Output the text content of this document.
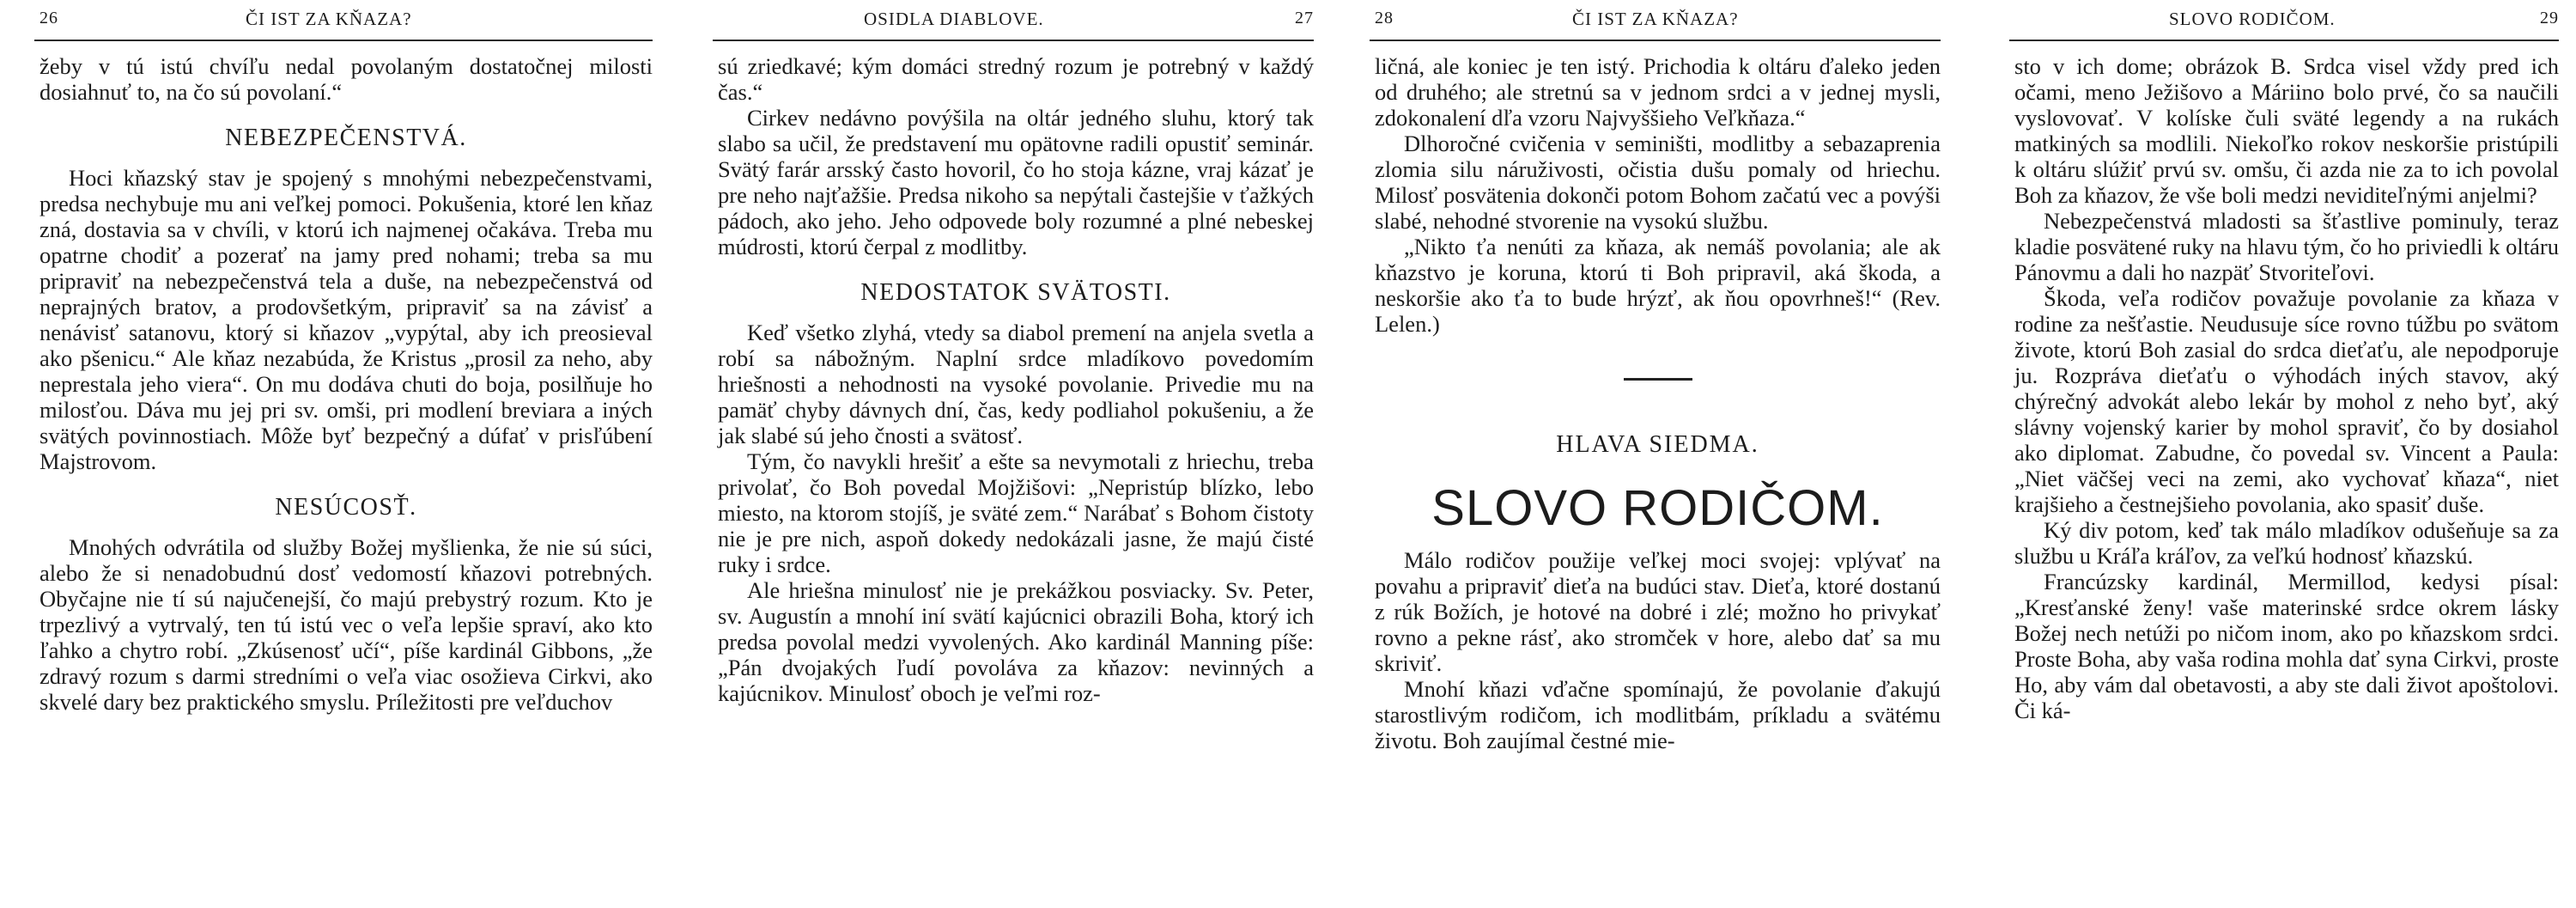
26	ČI IST ZA KŇAZA?

žeby v tú istú chvíľu nedal povolaným dostatočnej milosti dosiahnuť to, na čo sú povolaní.“

NEBEZPEČENSTVÁ.

Hoci kňazský stav je spojený s mnohými nebezpečenstvami, predsa nechybuje mu ani veľkej pomoci. Pokušenia, ktoré len kňaz zná, dostavia sa v chvíli, v ktorú ich najmenej očakáva. Treba mu opatrne chodiť a pozerať na jamy pred nohami; treba sa mu pripraviť na nebezpečenstvá tela a duše, na nebezpečenstvá od neprajných bratov, a prodovšetkým, pripraviť sa na závisť a nenávisť satanovu, ktorý si kňazov „vypýtal, aby ich preosieval ako pšenicu.“ Ale kňaz nezabúda, že Kristus „prosil za neho, aby neprestala jeho viera“. On mu dodáva chuti do boja, posilňuje ho milosťou. Dáva mu jej pri sv. omši, pri modlení breviara a iných svätých povinnostiach. Môže byť bezpečný a dúfať v prisľúbení Majstrovom.

NESÚCOSŤ.

Mnohých odvrátila od služby Božej myšlienka, že nie sú súci, alebo že si nenadobudnú dosť vedomostí kňazovi potrebných. Obyčajne nie tí sú najučenejší, čo majú prebystrý rozum. Kto je trpezlivý a vytrvalý, ten tú istú vec o veľa lepšie spraví, ako kto ľahko a chytro robí. „Zkúsenosť učí“, píše kardinál Gibbons, „že zdravý rozum s darmi stredními o veľa viac osožieva Cirkvi, ako skvelé dary bez praktického smyslu. Príležitosti pre veľduchov

OSIDLA DIABLOVE.	27

sú zriedkavé; kým domáci stredný rozum je potrebný v každý čas.“

Cirkev nedávno povýšila na oltár jedného sluhu, ktorý tak slabo sa učil, že predstavení mu opätovne radili opustiť seminár. Svätý farár arsský často hovoril, čo ho stoja kázne, vraj kázať je pre neho najťažšie. Predsa nikoho sa nepýtali častejšie v ťažkých pádoch, ako jeho. Jeho odpovede boly rozumné a plné nebeskej múdrosti, ktorú čerpal z modlitby.

NEDOSTATOK SVÄTOSTI.

Keď všetko zlyhá, vtedy sa diabol premení na anjela svetla a robí sa nábožným. Naplní srdce mladíkovo povedomím hriešnosti a nehodnosti na vysoké povolanie. Privedie mu na pamäť chyby dávnych dní, čas, kedy podliahol pokušeniu, a že jak slabé sú jeho čnosti a svätosť.

Tým, čo navykli hrešiť a ešte sa nevymotali z hriechu, treba privolať, čo Boh povedal Mojžišovi: „Nepristúp blízko, lebo miesto, na ktorom stojíš, je sväté zem.“ Narábať s Bohom čistoty nie je pre nich, aspoň dokedy nedokázali jasne, že majú čisté ruky i srdce.

Ale hriešna minulosť nie je prekážkou posviacky. Sv. Peter, sv. Augustín a mnohí iní svätí kajúcnici obrazili Boha, ktorý ich predsa povolal medzi vyvolených. Ako kardinál Manning píše: „Pán dvojakých ľudí povoláva za kňazov: nevinných a kajúcnikov. Minulosť oboch je veľmi roz-

28	ČI IST ZA KŇAZA?

ličná, ale koniec je ten istý. Prichodia k oltáru ďaleko jeden od druhého; ale stretnú sa v jednom srdci a v jednej mysli, zdokonalení dľa vzoru Najvyššieho Veľkňaza.“

Dlhoročné cvičenia v seminišti, modlitby a sebazaprenia zlomia silu náruživosti, očistia dušu pomaly od hriechu. Milosť posvätenia dokonči potom Bohom začatú vec a povýši slabé, nehodné stvorenie na vysokú službu.

„Nikto ťa nenúti za kňaza, ak nemáš povolania; ale ak kňazstvo je koruna, ktorú ti Boh pripravil, aká škoda, a neskoršie ako ťa to bude hrýzť, ak ňou opovrhneš!“ (Rev. Lelen.)

HLAVA SIEDMA.
SLOVO RODIČOM.

Málo rodičov použije veľkej moci svojej: vplývať na povahu a pripraviť dieťa na budúci stav. Dieťa, ktoré dostanú z rúk Božích, je hotové na dobré i zlé; možno ho privykať rovno a pekne rásť, ako stromček v hore, alebo dať sa mu skriviť.

Mnohí kňazi vďačne spomínajú, že povolanie ďakujú starostlivým rodičom, ich modlitbám, príkladu a svätému životu. Boh zaujímal čestné mie-

SLOVO RODIČOM.	29

sto v ich dome; obrázok B. Srdca visel vždy pred ich očami, meno Ježišovo a Máriino bolo prvé, čo sa naučili vyslovovať. V kolíske čuli sväté legendy a na rukách matkiných sa modlili. Niekoľko rokov neskoršie pristúpili k oltáru slúžiť prvú sv. omšu, či azda nie za to ich povolal Boh za kňazov, že vše boli medzi neviditeľnými anjelmi?

Nebezpečenstvá mladosti sa šťastlive pominuly, teraz kladie posvätené ruky na hlavu tým, čo ho priviedli k oltáru Pánovmu a dali ho nazpäť Stvoriteľovi.

Škoda, veľa rodičov považuje povolanie za kňaza v rodine za nešťastie. Neudusuje síce rovno túžbu po svätom živote, ktorú Boh zasial do srdca dieťaťu, ale nepodporuje ju. Rozpráva dieťaťu o výhodách iných stavov, aký chýrečný advokát alebo lekár by mohol z neho byť, aký slávny vojenský karier by mohol spraviť, čo by dosiahol ako diplomat. Zabudne, čo povedal sv. Vincent a Paula: „Niet väčšej veci na zemi, ako vychovať kňaza“, niet krajšieho a čestnejšieho povolania, ako spasiť duše.

Ký div potom, keď tak málo mladíkov odušeňuje sa za službu u Kráľa kráľov, za veľkú hodnosť kňazskú.

Francúzsky kardinál, Mermillod, kedysi písal: „Kresťanské ženy! vaše materinské srdce okrem lásky Božej nech netúži po ničom inom, ako po kňazskom srdci. Proste Boha, aby vaša rodina mohla dať syna Cirkvi, proste Ho, aby vám dal obetavosti, a aby ste dali život apoštolovi. Či ká-
